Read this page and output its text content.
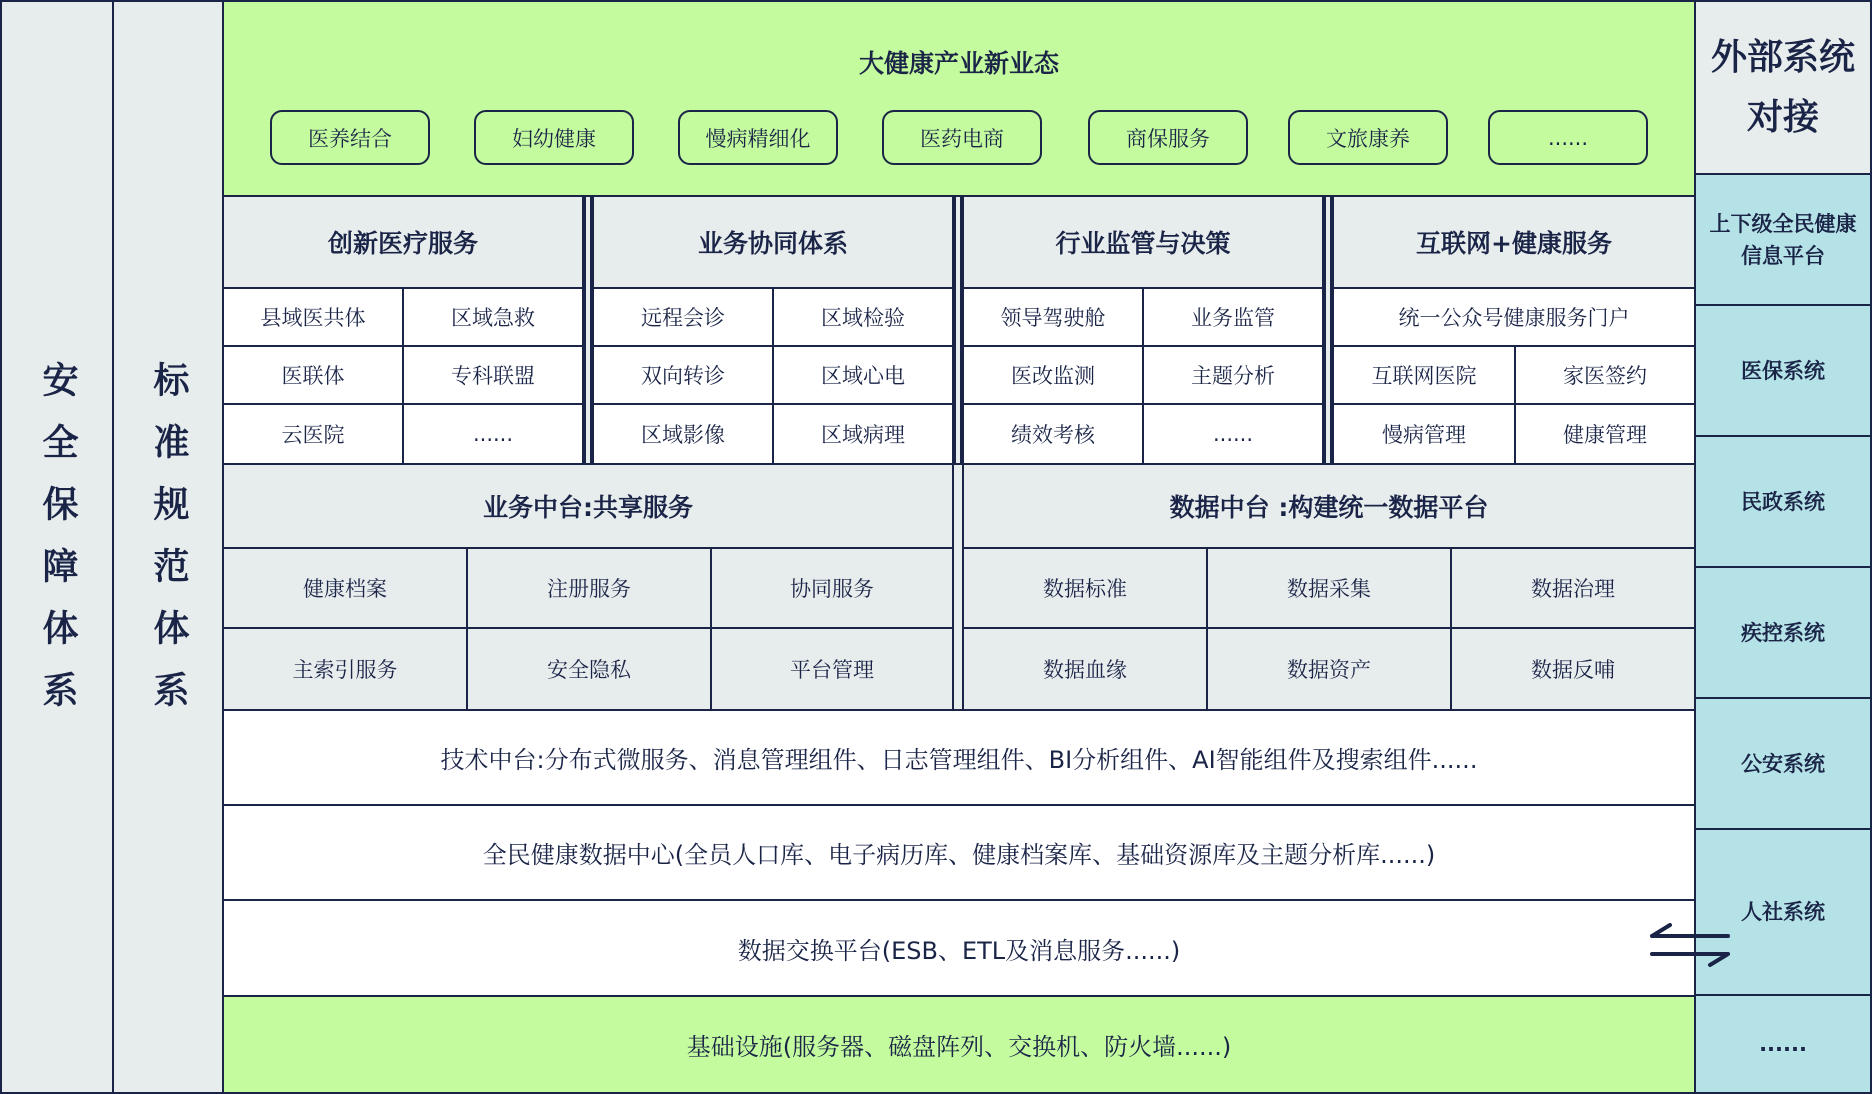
安全保障体系	标准规范体系
大健康产业新业态
医养结合	妇幼健康	慢病精细化	医药电商	商保服务	文旅康养	......
创新医疗服务
县域医共体	区域急救
医联体	专科联盟
云医院	......
业务协同体系
远程会诊	区域检验
双向转诊	区域心电
区域影像	区域病理
行业监管与决策
领导驾驶舱	业务监管
医改监测	主题分析
绩效考核	......
互联网+健康服务
统一公众号健康服务门户
互联网医院	家医签约
慢病管理	健康管理
业务中台:共享服务
健康档案	注册服务	协同服务
主索引服务	安全隐私	平台管理
数据中台 :构建统一数据平台
数据标准	数据采集	数据治理
数据血缘	数据资产	数据反哺
技术中台:分布式微服务、消息管理组件、日志管理组件、BI分析组件、AI智能组件及搜索组件......
全民健康数据中心(全员人口库、电子病历库、健康档案库、基础资源库及主题分析库......)
数据交换平台(ESB、ETL及消息服务......)
基础设施(服务器、磁盘阵列、交换机、防火墙......)
外部系统对接
上下级全民健康信息平台
医保系统
民政系统
疾控系统
公安系统
人社系统
......
